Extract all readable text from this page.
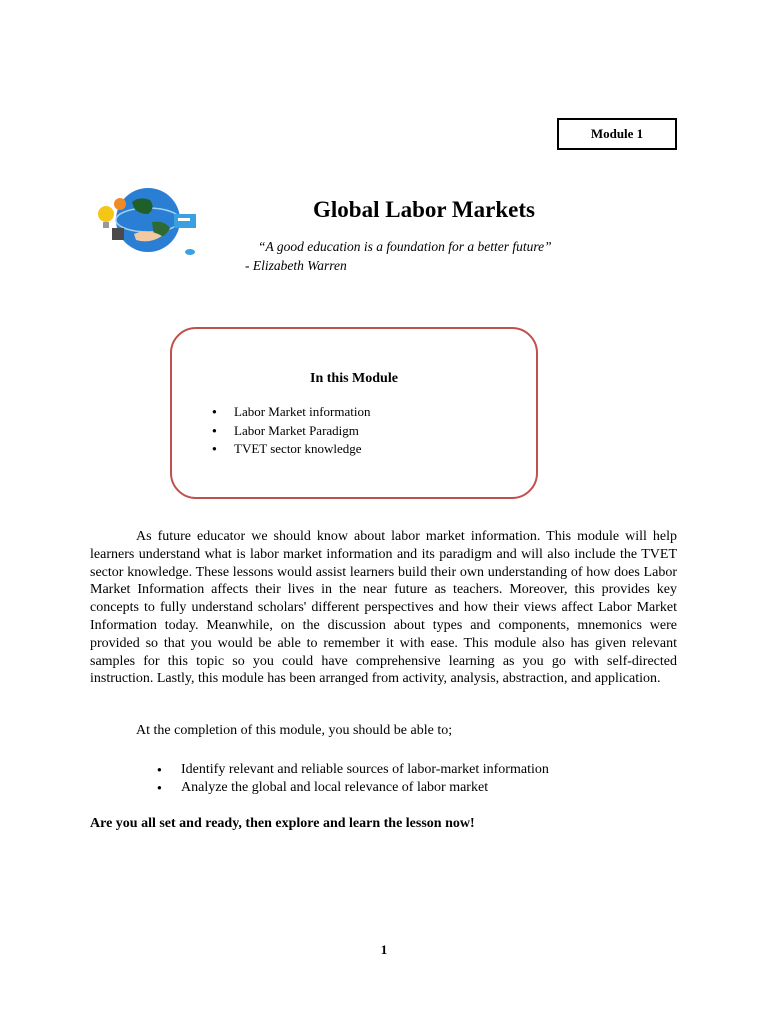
Module 1
Global Labor Markets
“A good education is a foundation for a better future”
- Elizabeth Warren
In this Module
● Labor Market information
● Labor Market Paradigm
● TVET sector knowledge

As future educator we should know about labor market information. This module will help learners understand what is labor market information and its paradigm and will also include the TVET sector knowledge. These lessons would assist learners build their own understanding of how does Labor Market Information affects their lives in the near future as teachers. Moreover, this provides key concepts to fully understand scholars' different perspectives and how their views affect Labor Market Information today. Meanwhile, on the discussion about types and components, mnemonics were provided so that you would be able to remember it with ease. This module also has given relevant samples for this topic so you could have comprehensive learning as you go with self-directed instruction. Lastly, this module has been arranged from activity, analysis, abstraction, and application.

At the completion of this module, you should be able to;
● Identify relevant and reliable sources of labor-market information
● Analyze the global and local relevance of labor market
Are you all set and ready, then explore and learn the lesson now!
1
